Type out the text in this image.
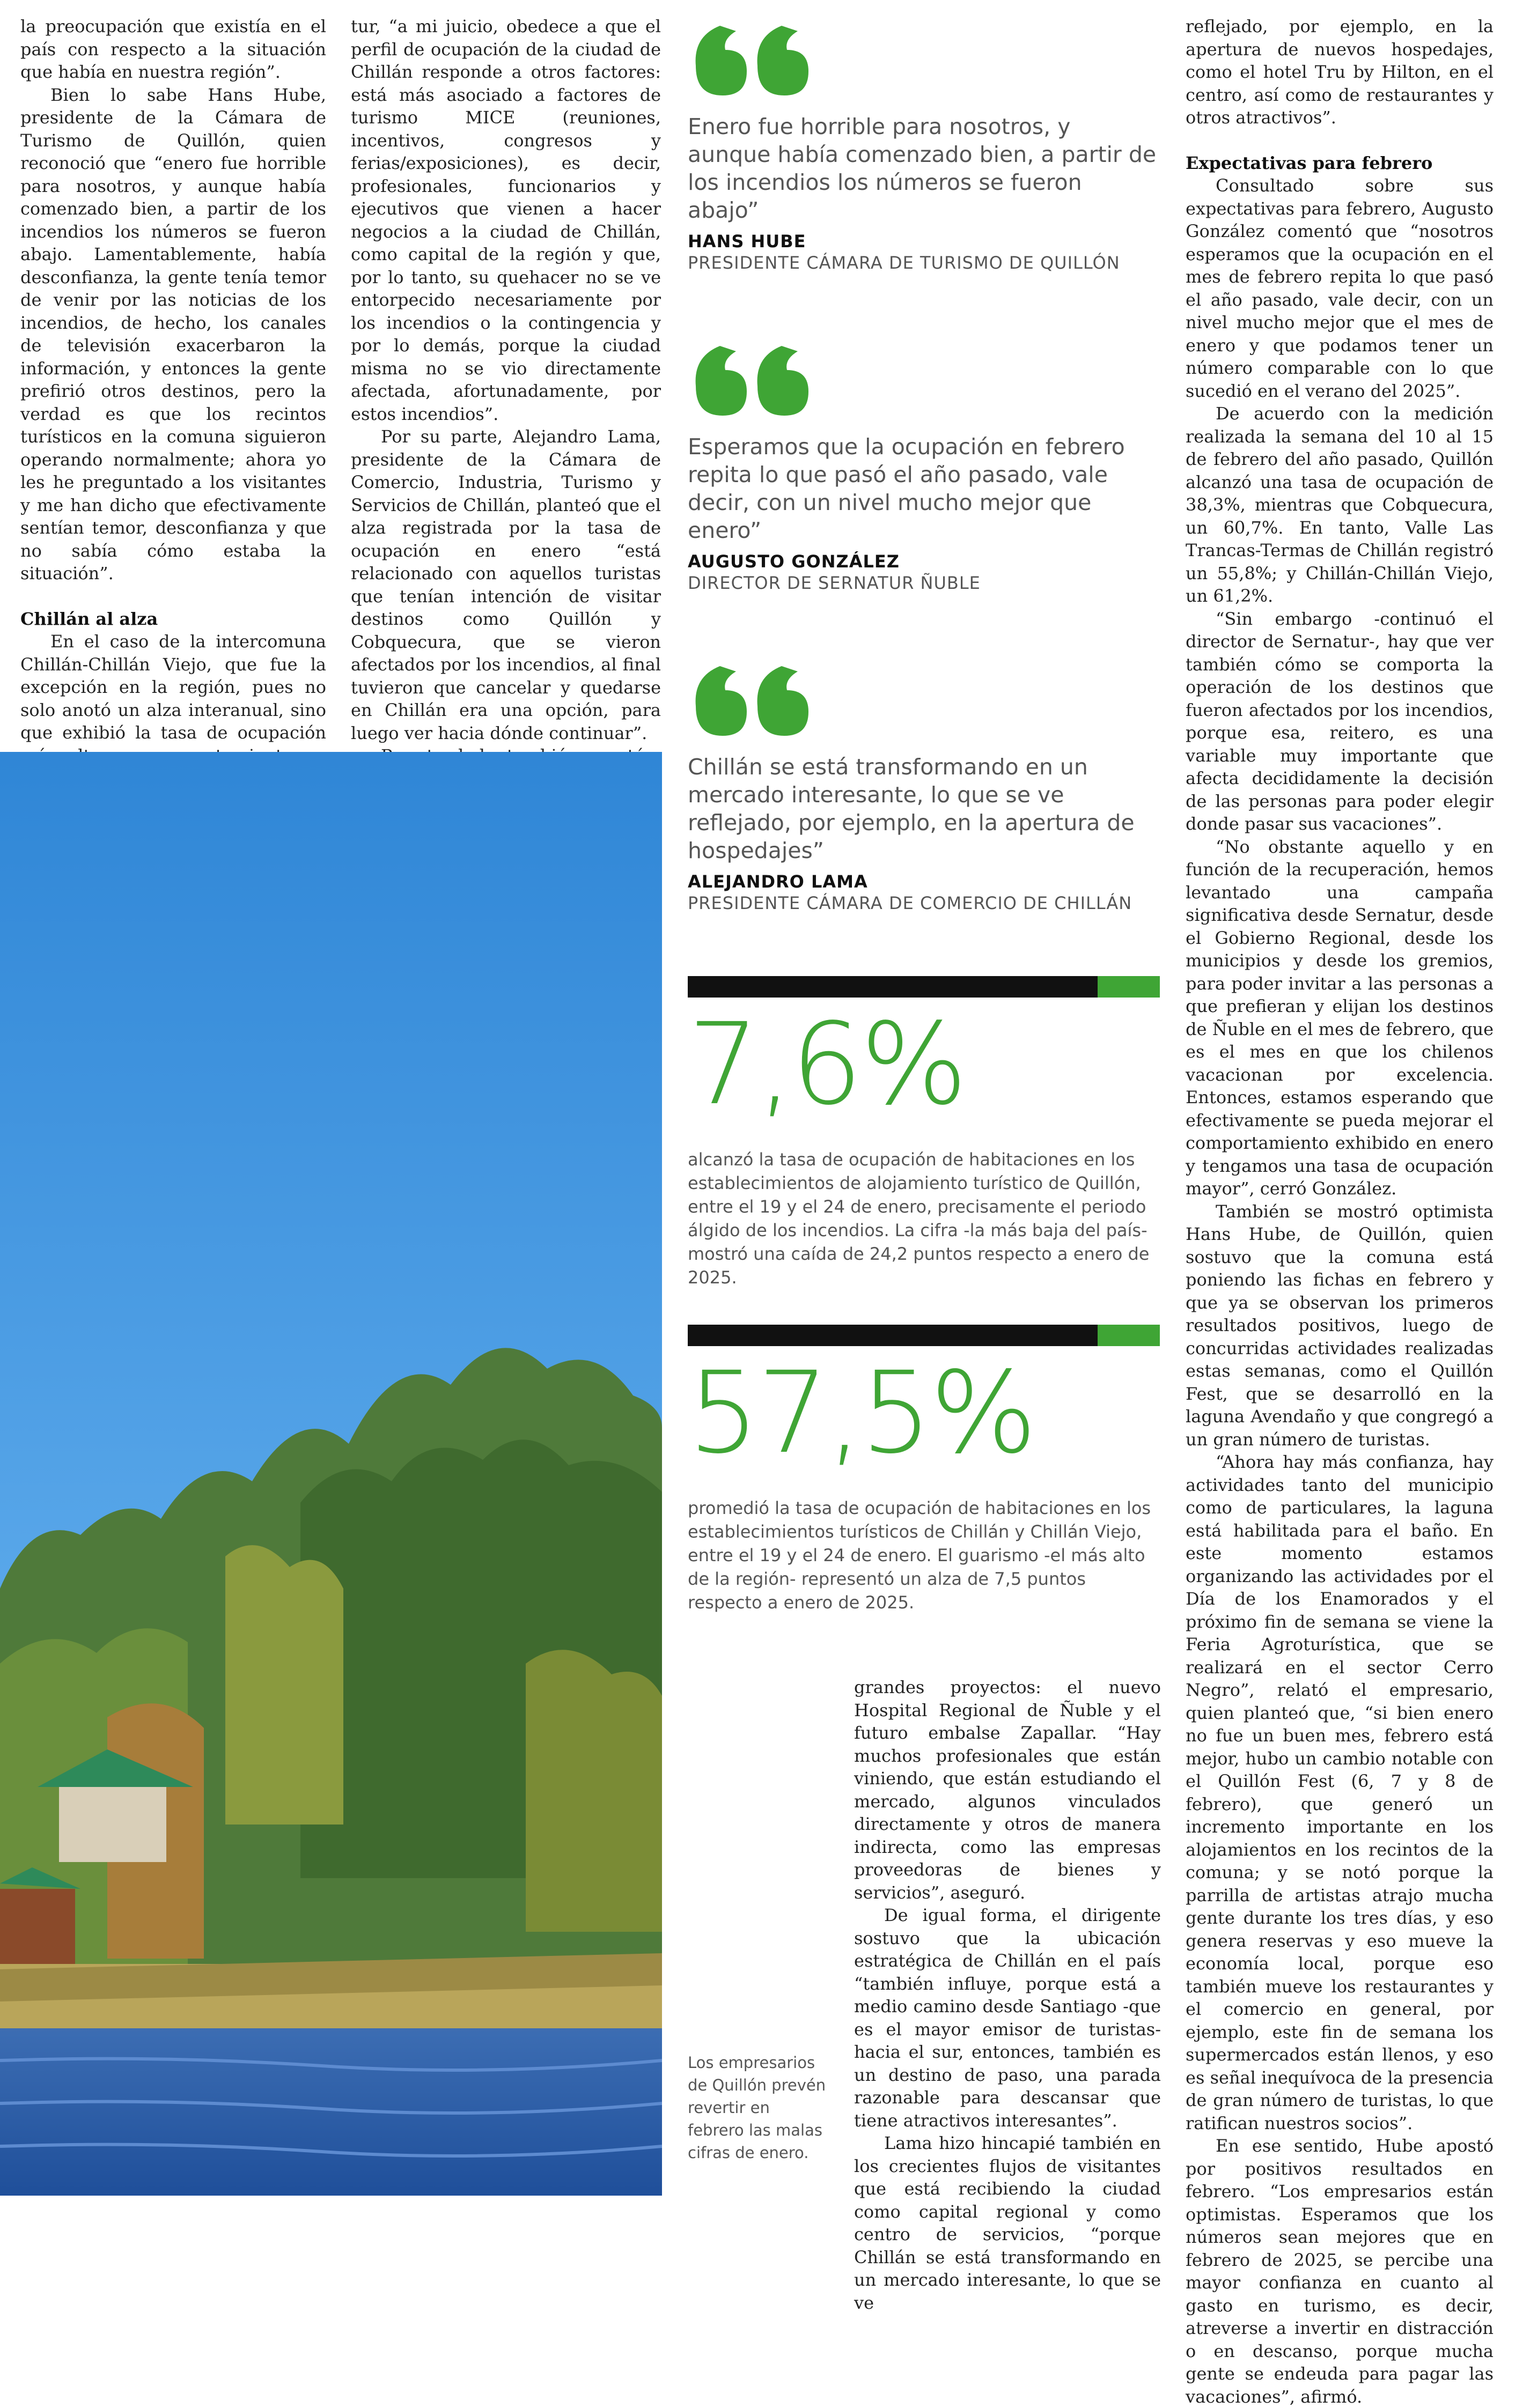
la preocupación que existía en el país con respecto a la situación que había en nuestra región”.

Bien lo sabe Hans Hube, presidente de la Cámara de Turismo de Quillón, quien reconoció que “enero fue horrible para nosotros, y aunque había comenzado bien, a partir de los incendios los números se fueron abajo. Lamentablemente, había desconfianza, la gente tenía temor de venir por las noticias de los incendios, de hecho, los canales de televisión exacerbaron la información, y entonces la gente prefirió otros destinos, pero la verdad es que los recintos turísticos en la comuna siguieron operando normalmente; ahora yo les he preguntado a los visitantes y me han dicho que efectivamente sentían temor, desconfianza y que no sabía cómo estaba la situación”.

Chillán al alza

En el caso de la intercomuna Chillán-Chillán Viejo, que fue la excepción en la región, pues no solo anotó un alza interanual, sino que exhibió la tasa de ocupación

tur, “a mi juicio, obedece a que el perfil de ocupación de la ciudad de Chillán responde a otros factores: está más asociado a factores de turismo MICE (reuniones, incentivos, congresos y ferias/exposiciones), es decir, profesionales, funcionarios y ejecutivos que vienen a hacer negocios a la ciudad de Chillán, como capital de la región y que, por lo tanto, su quehacer no se ve entorpecido necesariamente por los incendios o la contingencia y por lo demás, porque la ciudad misma no se vio directamente afectada, afortunadamente, por estos incendios”.

Por su parte, Alejandro Lama, presidente de la Cámara de Comercio, Industria, Turismo y Servicios de Chillán, planteó que el alza registrada por la tasa de ocupación en enero “está relacionado con aquellos turistas que tenían intención de visitar destinos como Quillón y Cobquecura, que se vieron afectados por los incendios, al final tuvieron que cancelar y quedarse en Chillán era una opción, para luego ver hacia dónde continuar”.

Enero fue horrible para nosotros, y aunque había comenzado bien, a partir de los incendios los números se fueron abajo”
HANS HUBE
PRESIDENTE CÁMARA DE TURISMO DE QUILLÓN
Esperamos que la ocupación en febrero repita lo que pasó el año pasado, vale decir, con un nivel mucho mejor que enero”
AUGUSTO GONZÁLEZ
DIRECTOR DE SERNATUR ÑUBLE
Chillán se está transformando en un mercado interesante, lo que se ve reflejado, por ejemplo, en la apertura de hospedajes”
ALEJANDRO LAMA
PRESIDENTE CÁMARA DE COMERCIO DE CHILLÁN
7,6%
alcanzó la tasa de ocupación de habitaciones en los establecimientos de alojamiento turístico de Quillón, entre el 19 y el 24 de enero, precisamente el periodo álgido de los incendios. La cifra -la más baja del país- mostró una caída de 24,2 puntos respecto a enero de 2025.
57,5%
promedió la tasa de ocupación de habitaciones en los establecimientos turísticos de Chillán y Chillán Viejo, entre el 19 y el 24 de enero. El guarismo -el más alto de la región- representó un alza de 7,5 puntos respecto a enero de 2025.

grandes proyectos: el nuevo Hospital Regional de Ñuble y el futuro embalse Zapallar. “Hay muchos profesionales que están viniendo, que están estudiando el mercado, algunos vinculados directamente y otros de manera indirecta, como las empresas proveedoras de bienes y servicios”, aseguró.

De igual forma, el dirigente sostuvo que la ubicación estratégica de Chillán en el país “también influye, porque está a medio camino desde Santiago -que es el mayor emisor de turistas- hacia el sur, entonces, también es un destino de paso, una parada razonable para descansar que tiene atractivos interesantes”.

Lama hizo hincapié también en los crecientes flujos de visitantes que está recibiendo la ciudad como capital regional y como centro de servicios, “porque Chillán se está transformando en un mercado interesante, lo que se ve

Los empresarios de Quillón prevén revertir en febrero las malas cifras de enero.

reflejado, por ejemplo, en la apertura de nuevos hospedajes, como el hotel Tru by Hilton, en el centro, así como de restaurantes y otros atractivos”.

Expectativas para febrero

Consultado sobre sus expectativas para febrero, Augusto González comentó que “nosotros esperamos que la ocupación en el mes de febrero repita lo que pasó el año pasado, vale decir, con un nivel mucho mejor que el mes de enero y que podamos tener un número comparable con lo que sucedió en el verano del 2025”.

De acuerdo con la medición realizada la semana del 10 al 15 de febrero del año pasado, Quillón alcanzó una tasa de ocupación de 38,3%, mientras que Cobquecura, un 60,7%. En tanto, Valle Las Trancas-Termas de Chillán registró un 55,8%; y Chillán-Chillán Viejo, un 61,2%.

“Sin embargo -continuó el director de Sernatur-, hay que ver también cómo se comporta la operación de los destinos que fueron afectados por los incendios, porque esa, reitero, es una variable muy importante que afecta decididamente la decisión de las personas para poder elegir donde pasar sus vacaciones”.

“No obstante aquello y en función de la recuperación, hemos levantado una campaña significativa desde Sernatur, desde el Gobierno Regional, desde los municipios y desde los gremios, para poder invitar a las personas a que prefieran y elijan los destinos de Ñuble en el mes de febrero, que es el mes en que los chilenos vacacionan por excelencia. Entonces, estamos esperando que efectivamente se pueda mejorar el comportamiento exhibido en enero y tengamos una tasa de ocupación mayor”, cerró González.

También se mostró optimista Hans Hube, de Quillón, quien sostuvo que la comuna está poniendo las fichas en febrero y que ya se observan los primeros resultados positivos, luego de concurridas actividades realizadas estas semanas, como el Quillón Fest, que se desarrolló en la laguna Avendaño y que congregó a un gran número de turistas.

“Ahora hay más confianza, hay actividades tanto del municipio como de particulares, la laguna está habilitada para el baño. En este momento estamos organizando las actividades por el Día de los Enamorados y el próximo fin de semana se viene la Feria Agroturística, que se realizará en el sector Cerro Negro”, relató el empresario, quien planteó que, “si bien enero no fue un buen mes, febrero está mejor, hubo un cambio notable con el Quillón Fest (6, 7 y 8 de febrero), que generó un incremento importante en los alojamientos en los recintos de la comuna; y se notó porque la parrilla de artistas atrajo mucha gente durante los tres días, y eso genera reservas y eso mueve la economía local, porque eso también mueve los restaurantes y el comercio en general, por ejemplo, este fin de semana los supermercados están llenos, y eso es señal inequívoca de la presencia de gran número de turistas, lo que ratifican nuestros socios”.

En ese sentido, Hube apostó por positivos resultados en febrero. “Los empresarios están optimistas. Esperamos que los números sean mejores que en febrero de 2025, se percibe una mayor confianza en cuanto al gasto en turismo, es decir, atreverse a invertir en distracción o en descanso, porque mucha gente se endeuda para pagar las vacaciones”, afirmó.
